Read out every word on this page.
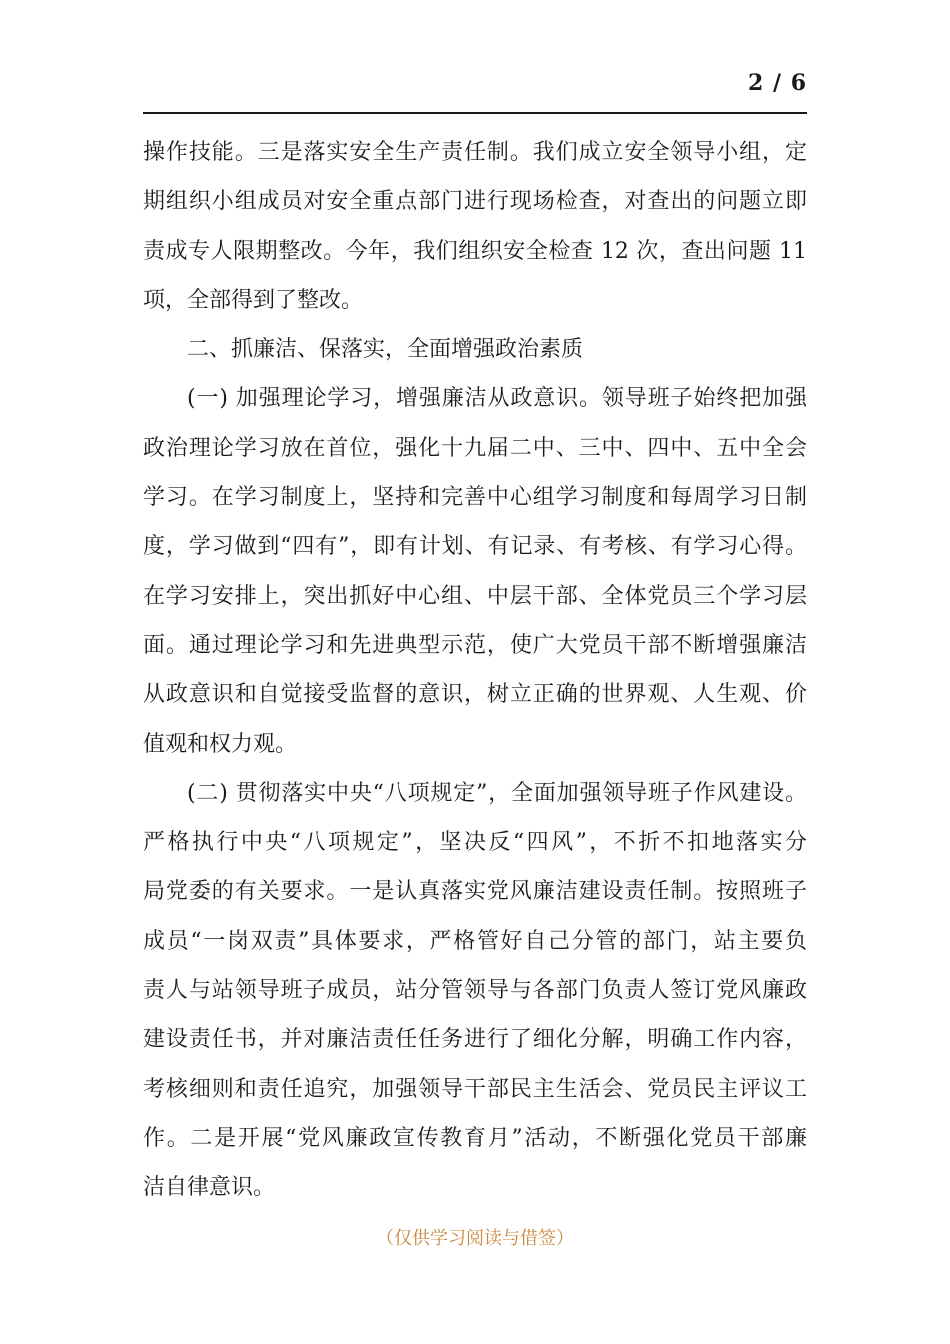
2 / 6
操作技能。三是落实安全生产责任制。我们成立安全领导小组，定
期组织小组成员对安全重点部门进行现场检查，对查出的问题立即
责成专人限期整改。今年，我们组织安全检查 12 次，查出问题 11
项，全部得到了整改。
二、抓廉洁、保落实，全面增强政治素质
(一) 加强理论学习，增强廉洁从政意识。领导班子始终把加强
政治理论学习放在首位，强化十九届二中、三中、四中、五中全会
学习。在学习制度上，坚持和完善中心组学习制度和每周学习日制
度，学习做到“四有”，即有计划、有记录、有考核、有学习心得。
在学习安排上，突出抓好中心组、中层干部、全体党员三个学习层
面。通过理论学习和先进典型示范，使广大党员干部不断增强廉洁
从政意识和自觉接受监督的意识，树立正确的世界观、人生观、价
值观和权力观。
(二) 贯彻落实中央“八项规定”，全面加强领导班子作风建设。
严格执行中央“八项规定”，坚决反“四风”，不折不扣地落实分
局党委的有关要求。一是认真落实党风廉洁建设责任制。按照班子
成员“一岗双责”具体要求，严格管好自己分管的部门，站主要负
责人与站领导班子成员，站分管领导与各部门负责人签订党风廉政
建设责任书，并对廉洁责任任务进行了细化分解，明确工作内容，
考核细则和责任追究，加强领导干部民主生活会、党员民主评议工
作。二是开展“党风廉政宣传教育月”活动，不断强化党员干部廉
洁自律意识。
（仅供学习阅读与借签）
